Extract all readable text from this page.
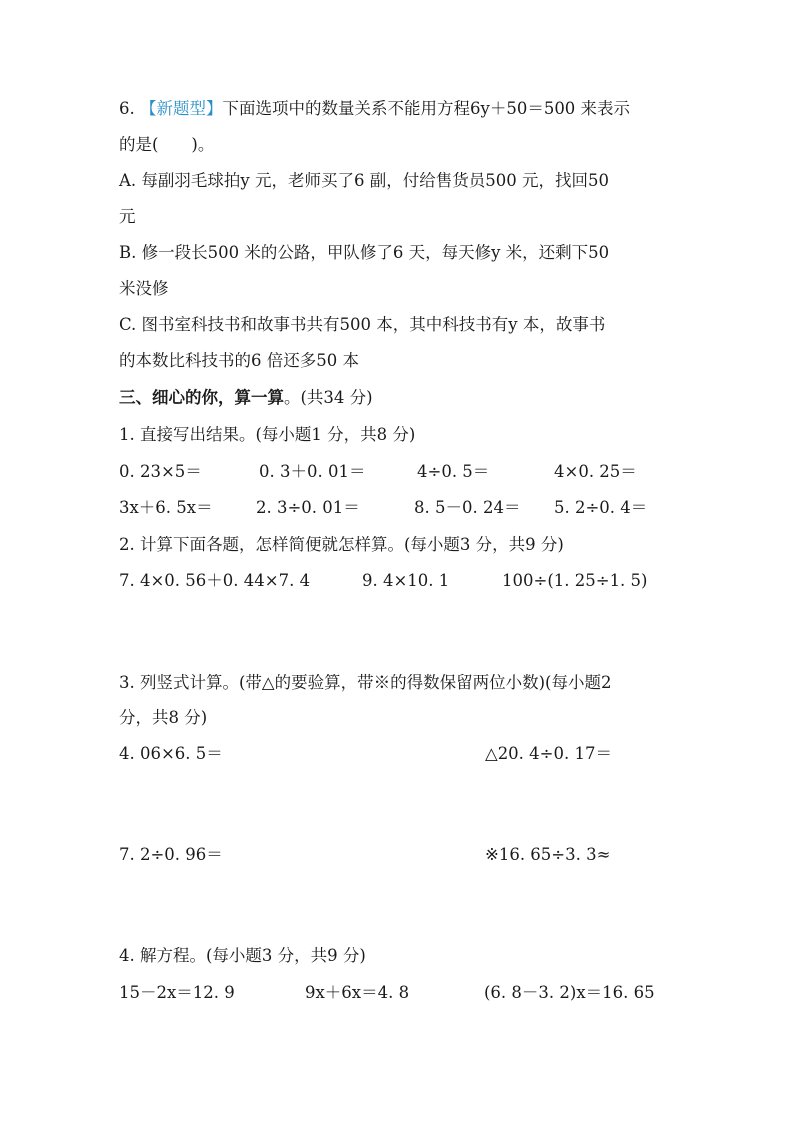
6. 【新题型】下面选项中的数量关系不能用方程6y＋50＝500 来表示
的是(　　)。
A. 每副羽毛球拍y 元，老师买了6 副，付给售货员500 元，找回50
元
B. 修一段长500 米的公路，甲队修了6 天，每天修y 米，还剩下50
米没修
C. 图书室科技书和故事书共有500 本，其中科技书有y 本，故事书
的本数比科技书的6 倍还多50 本
三、细心的你，算一算。(共34 分)
1. 直接写出结果。(每小题1 分，共8 分)
0. 23×5＝	0. 3＋0. 01＝	4÷0. 5＝	4×0. 25＝
3x＋6. 5x＝	2. 3÷0. 01＝	8. 5－0. 24＝ 5. 2÷0. 4＝
2. 计算下面各题，怎样简便就怎样算。(每小题3 分，共9 分)
7. 4×0. 56＋0. 44×7. 4	9. 4×10. 1	100÷(1. 25÷1. 5)
3. 列竖式计算。(带△的要验算，带※的得数保留两位小数)(每小题2
分，共8 分)
4. 06×6. 5＝	△20. 4÷0. 17＝
7. 2÷0. 96＝	※16. 65÷3. 3≈
4. 解方程。(每小题3 分，共9 分)
15－2x＝12. 9	9x＋6x＝4. 8	(6. 8－3. 2)x＝16. 65
